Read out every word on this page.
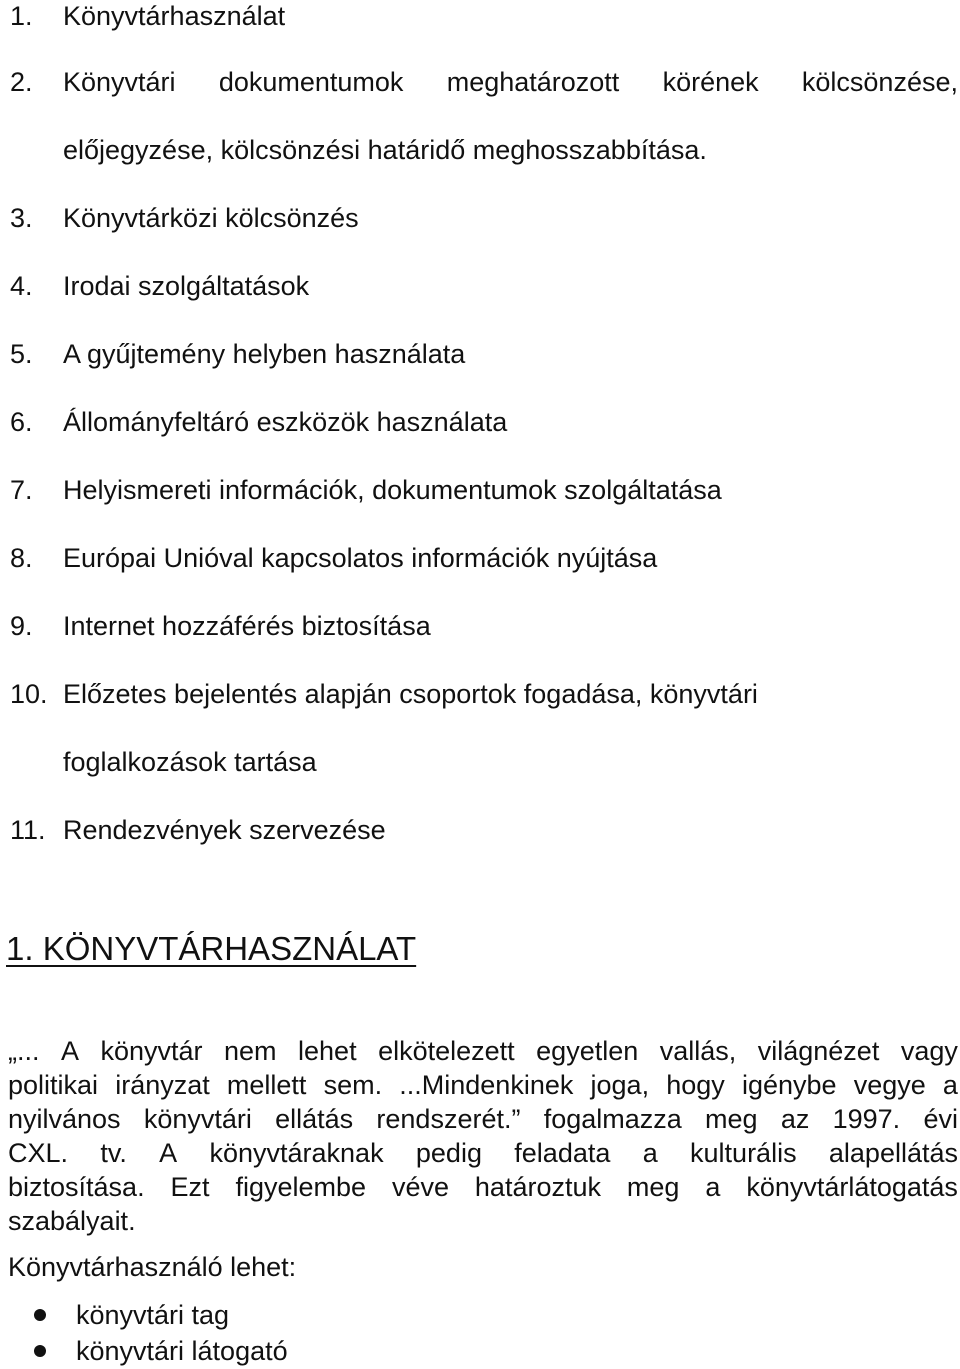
1. Könyvtárhasználat
2. Könyvtári dokumentumok meghatározott körének kölcsönzése,
előjegyzése, kölcsönzési határidő meghosszabbítása.
3. Könyvtárközi kölcsönzés
4. Irodai szolgáltatások
5. A gyűjtemény helyben használata
6. Állományfeltáró eszközök használata
7. Helyismereti információk, dokumentumok szolgáltatása
8. Európai Unióval kapcsolatos információk nyújtása
9. Internet hozzáférés biztosítása
10. Előzetes bejelentés alapján csoportok fogadása, könyvtári
foglalkozások tartása
11. Rendezvények szervezése
1. KÖNYVTÁRHASZNÁLAT
„... A könyvtár nem lehet elkötelezett egyetlen vallás, világnézet vagy
politikai irányzat mellett sem. ...Mindenkinek joga, hogy igénybe vegye a
nyilvános könyvtári ellátás rendszerét.” fogalmazza meg az 1997. évi
CXL. tv. A könyvtáraknak pedig feladata a kulturális alapellátás
biztosítása. Ezt figyelembe véve határoztuk meg a könyvtárlátogatás
szabályait.
Könyvtárhasználó lehet:
könyvtári tag
könyvtári látogató
